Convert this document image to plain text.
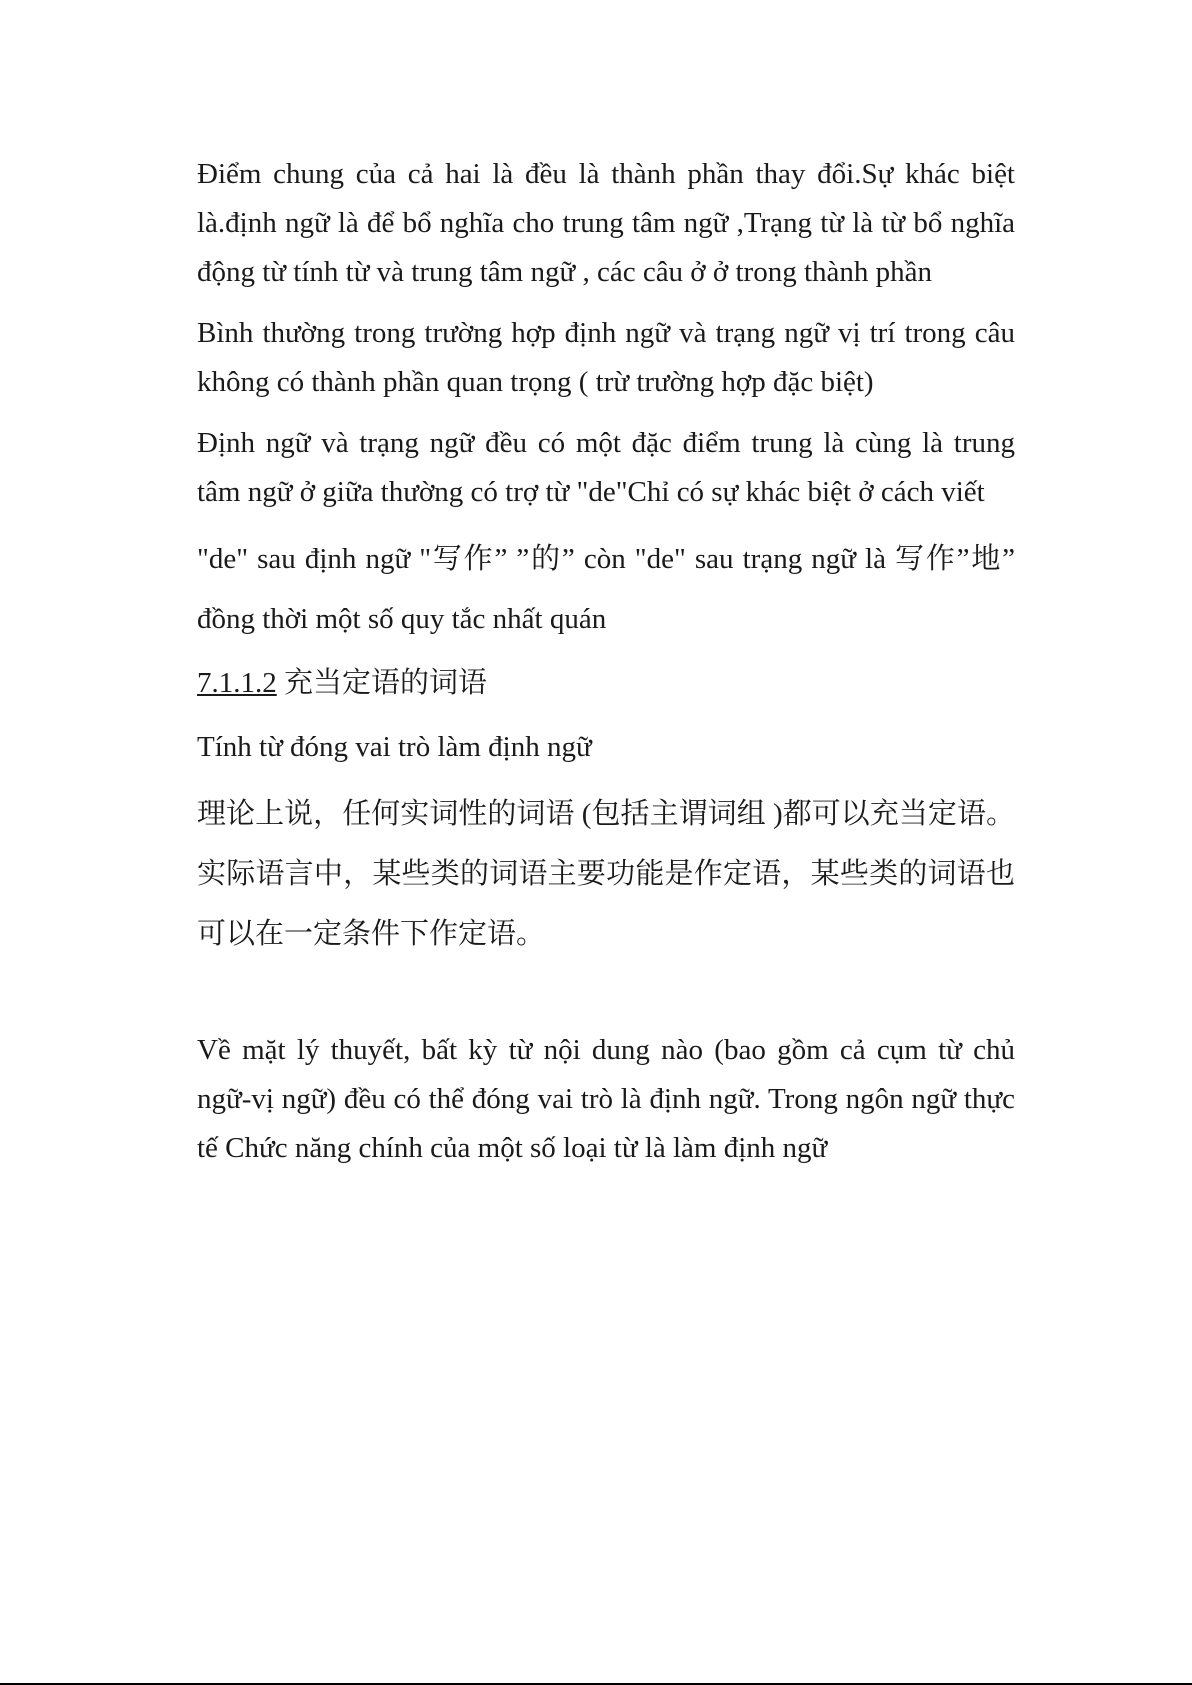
Điểm chung của cả hai là đều là thành phần thay đổi.Sự khác biệt là.định ngữ là để bổ nghĩa cho trung tâm ngữ ,Trạng từ là từ bổ nghĩa động từ tính từ và trung tâm ngữ , các câu ở ở trong thành phần

Bình thường trong trường hợp định ngữ và trạng ngữ vị trí trong câu không có thành phần quan trọng ( trừ trường hợp đặc biệt)

Định ngữ và trạng ngữ đều có một đặc điểm trung là cùng là trung tâm ngữ ở giữa thường có trợ từ "de"Chỉ có sự khác biệt ở cách viết

"de" sau định ngữ "写作” ”的” còn "de" sau trạng ngữ là 写作”地” đồng thời một số quy tắc nhất quán

7.1.1.2 充当定语的词语

Tính từ đóng vai trò làm định ngữ

理论上说，任何实词性的词语 (包括主谓词组 )都可以充当定语。实际语言中，某些类的词语主要功能是作定语，某些类的词语也可以在一定条件下作定语。

Về mặt lý thuyết, bất kỳ từ nội dung nào (bao gồm cả cụm từ chủ ngữ-vị ngữ) đều có thể đóng vai trò là định ngữ. Trong ngôn ngữ thực tế Chức năng chính của một số loại từ là làm định ngữ
